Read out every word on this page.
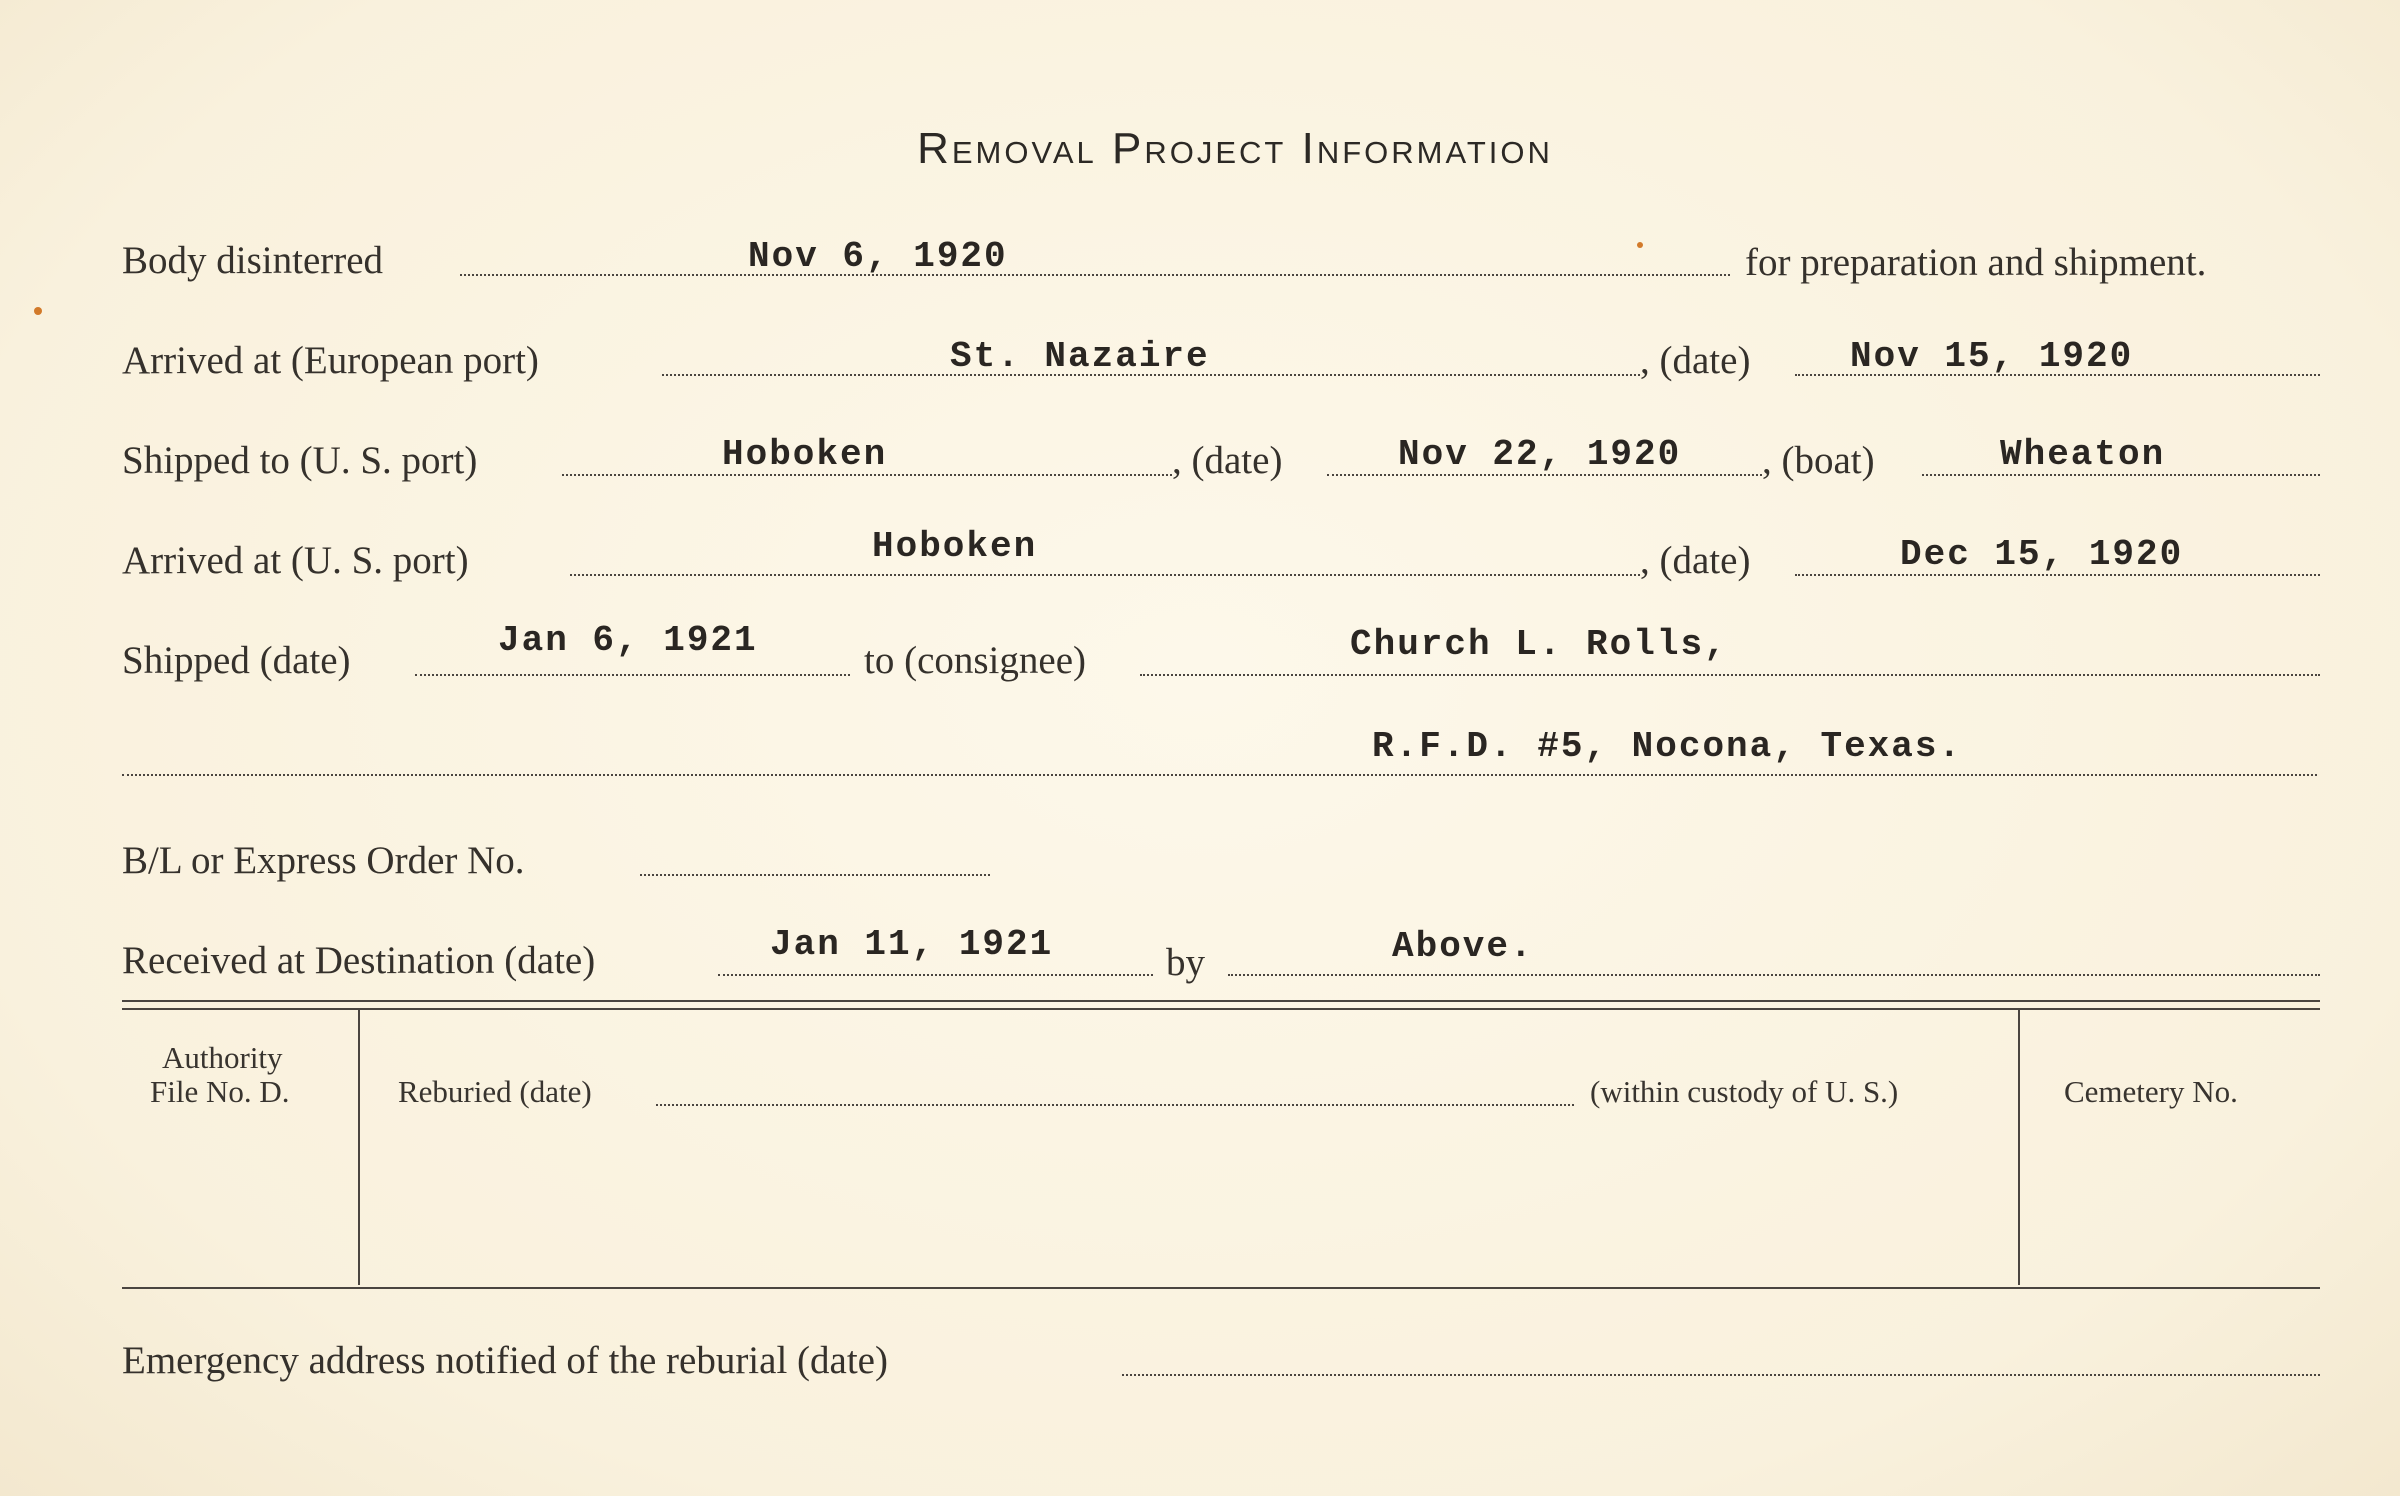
Removal Project Information
Body disinterred	Nov 6, 1920	for preparation and shipment.
Arrived at (European port)	St. Nazaire	, (date)	Nov 15, 1920
Shipped to (U. S. port)	Hoboken	, (date)	Nov 22, 1920 , (boat)	Wheaton
Arrived at (U. S. port)	Hoboken	, (date)	Dec 15, 1920
Shipped (date)	Jan 6, 1921	to (consignee)	Church L. Rolls,
R.F.D. #5, Nocona, Texas.
B/L or Express Order No.
Received at Destination (date)	Jan 11, 1921	by	Above.
Authority
File No. D.	Reburied (date)	(within custody of U. S.)	Cemetery No.
Emergency address notified of the reburial (date)
